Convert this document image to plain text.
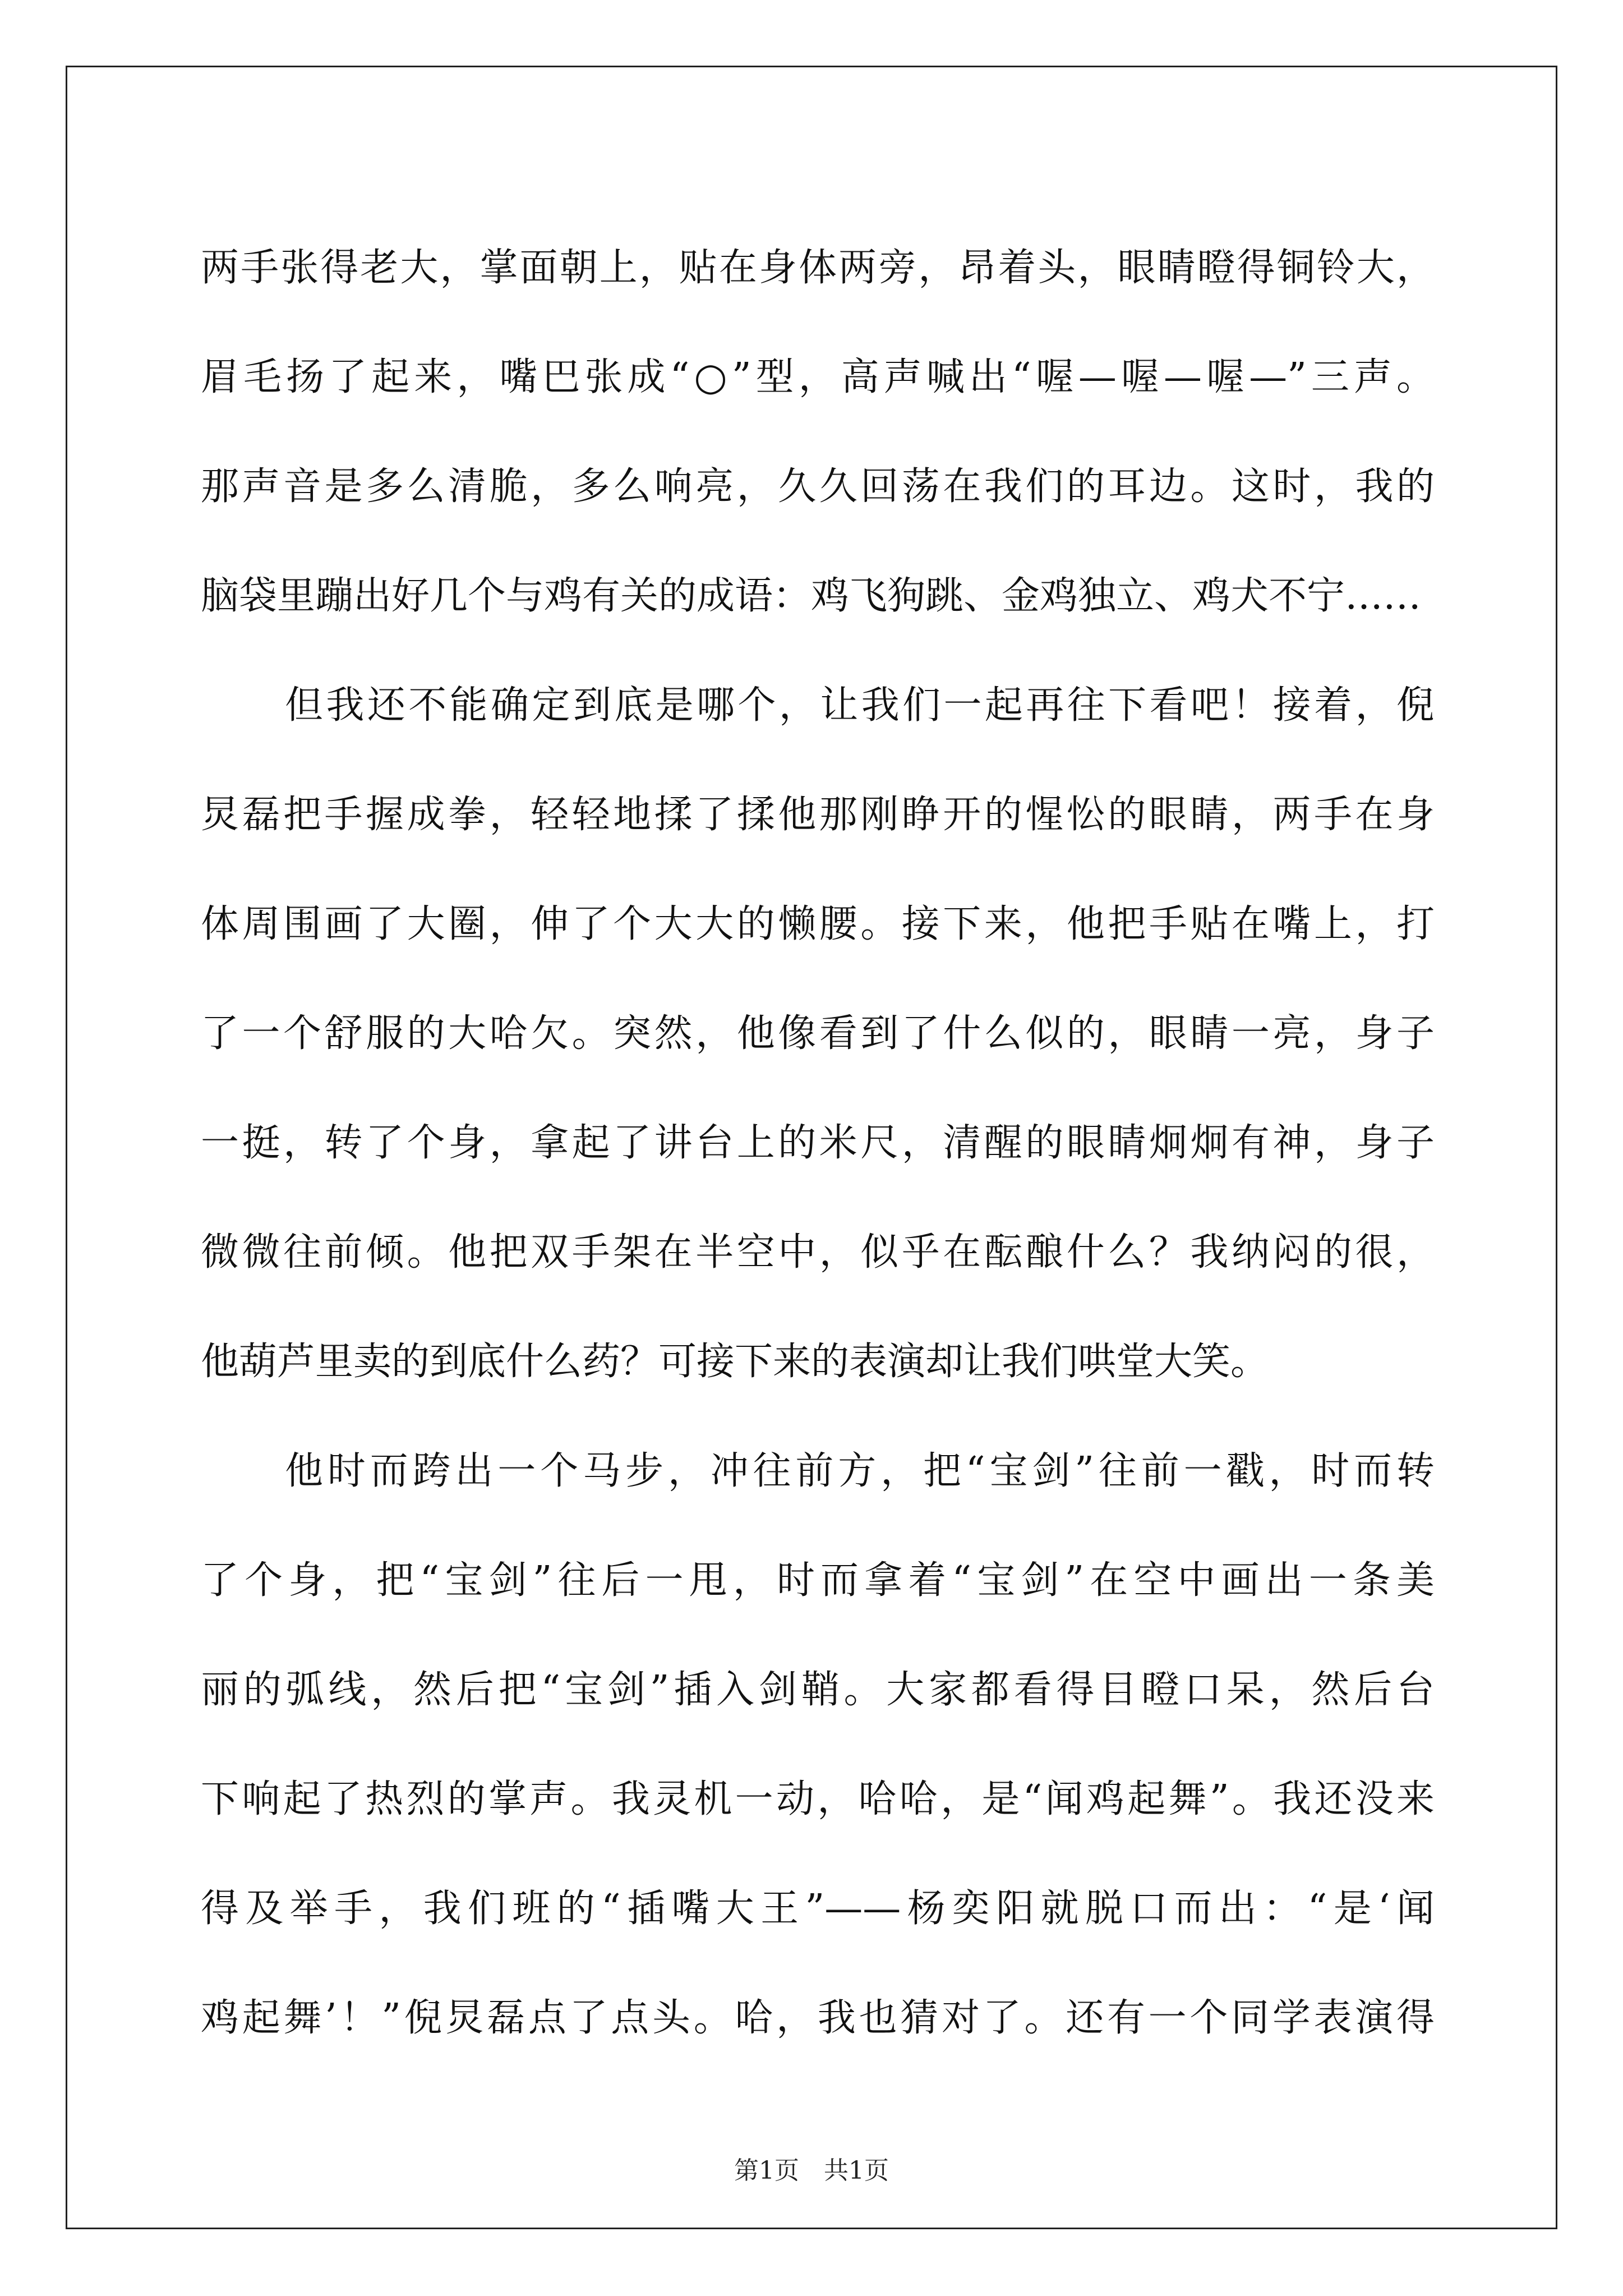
两手张得老大，掌面朝上，贴在身体两旁，昂着头，眼睛瞪得铜铃大，
眉毛扬了起来，嘴巴张成“○”型，高声喊出“喔—喔—喔—”三声。
那声音是多么清脆，多么响亮，久久回荡在我们的耳边。这时，我的
脑袋里蹦出好几个与鸡有关的成语：鸡飞狗跳、金鸡独立、鸡犬不宁……
但我还不能确定到底是哪个，让我们一起再往下看吧！接着，倪
炅磊把手握成拳，轻轻地揉了揉他那刚睁开的惺忪的眼睛，两手在身
体周围画了大圈，伸了个大大的懒腰。接下来，他把手贴在嘴上，打
了一个舒服的大哈欠。突然，他像看到了什么似的，眼睛一亮，身子
一挺，转了个身，拿起了讲台上的米尺，清醒的眼睛炯炯有神，身子
微微往前倾。他把双手架在半空中，似乎在酝酿什么？我纳闷的很，
他葫芦里卖的到底什么药？可接下来的表演却让我们哄堂大笑。
他时而跨出一个马步，冲往前方，把“宝剑”往前一戳，时而转
了个身，把“宝剑”往后一甩，时而拿着“宝剑”在空中画出一条美
丽的弧线，然后把“宝剑”插入剑鞘。大家都看得目瞪口呆，然后台
下响起了热烈的掌声。我灵机一动，哈哈，是“闻鸡起舞”。我还没来
得及举手，我们班的“插嘴大王”——杨奕阳就脱口而出：“是‘闻
鸡起舞’！”倪炅磊点了点头。哈，我也猜对了。还有一个同学表演得
第1页　共1页
